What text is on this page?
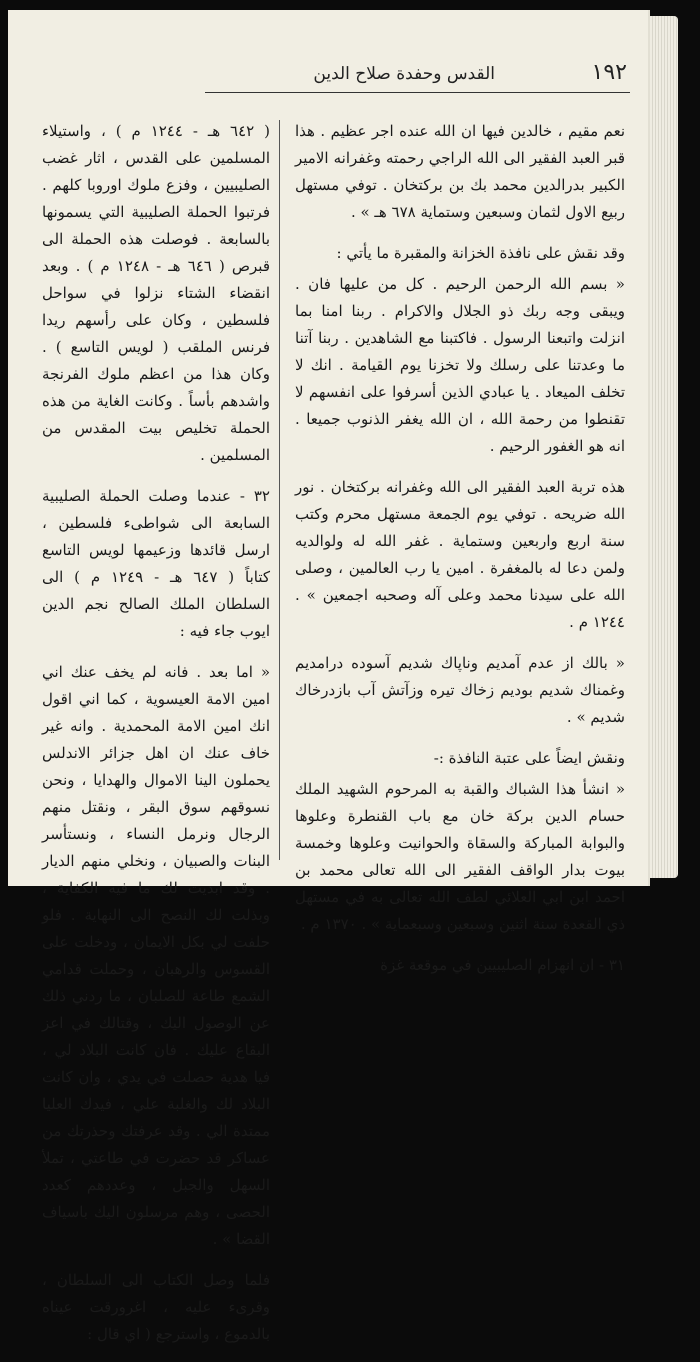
١٩٢
القدس وحفدة صلاح الدين

نعم مقيم ، خالدين فيها ان الله عنده اجر عظيم . هذا قبر العبد الفقير الى الله الراجي رحمته وغفرانه الامير الكبير بدرالدين محمد بك بن بركتخان . توفي مستهل ربيع الاول لثمان وسبعين وستماية ٦٧٨ هـ » .

وقد نقش على نافذة الخزانة والمقبرة ما يأتي :

« بسم الله الرحمن الرحيم . كل من عليها فان . ويبقى وجه ربك ذو الجلال والاكرام . ربنا امنا بما انزلت واتبعنا الرسول . فاكتبنا مع الشاهدين . ربنا آتنا ما وعدتنا على رسلك ولا تخزنا يوم القيامة . انك لا تخلف الميعاد . يا عبادي الذين أسرفوا على انفسهم لا تقنطوا من رحمة الله ، ان الله يغفر الذنوب جميعا . انه هو الغفور الرحيم .

هذه تربة العبد الفقير الى الله وغفرانه بركتخان . نور الله ضريحه . توفي يوم الجمعة مستهل محرم وكتب سنة اربع واربعين وستماية . غفر الله له ولوالديه ولمن دعا له بالمغفرة . امين يا رب العالمين ، وصلى الله على سيدنا محمد وعلى آله وصحبه اجمعين » . ١٢٤٤ م .

« بالك از عدم آمديم وناپاك شديم آسوده درامديم وغمناك شديم بوديم زخاك تيره وزآتش آب بازدرخاك شديم » .

ونقش ايضاً على عتبة النافذة :-

« انشأ هذا الشباك والقبة به المرحوم الشهيد الملك حسام الدين بركة خان مع باب القنطرة وعلوها والبوابة المباركة والسقاة والحوانيت وعلوها وخمسة بيوت بدار الواقف الفقير الى الله تعالى محمد بن احمد ابن ابي العلائي لطف الله تعالى به في مستهل ذي القعدة سنة اثنين وسبعين وسبعماية » . ١٣٧٠ م .

٣١ - ان انهزام الصليبيين في موقعة غزة

( ٦٤٢ هـ - ١٢٤٤ م ) ، واستيلاء المسلمين على القدس ، اثار غضب الصليبيين ، وفزع ملوك اوروبا كلهم . فرتبوا الحملة الصليبية التي يسمونها بالسابعة . فوصلت هذه الحملة الى قبرص ( ٦٤٦ هـ - ١٢٤٨ م ) . وبعد انقضاء الشتاء نزلوا في سواحل فلسطين ، وكان على رأسهم ريدا فرنس الملقب ( لويس التاسع ) . وكان هذا من اعظم ملوك الفرنجة واشدهم بأساً . وكانت الغاية من هذه الحملة تخليص بيت المقدس من المسلمين .

٣٢ - عندما وصلت الحملة الصليبية السابعة الى شواطىء فلسطين ، ارسل قائدها وزعيمها لويس التاسع كتاباً ( ٦٤٧ هـ - ١٢٤٩ م ) الى السلطان الملك الصالح نجم الدين ايوب جاء فيه :

« اما بعد . فانه لم يخف عنك اني امين الامة العيسوية ، كما اني اقول انك امين الامة المحمدية . وانه غير خاف عنك ان اهل جزائر الاندلس يحملون الينا الاموال والهدايا ، ونحن نسوقهم سوق البقر ، ونقتل منهم الرجال ونرمل النساء ، ونستأسر البنات والصبيان ، ونخلي منهم الديار . وقد ابديت لك ما فيه الكفاية ، وبذلت لك النصح الى النهاية . فلو حلفت لي بكل الايمان ، ودخلت على القسوس والرهبان ، وحملت قدامي الشمع طاعة للصلبان ، ما ردني ذلك عن الوصول اليك ، وقتالك في اعز البقاع عليك . فان كانت البلاد لي ، فيا هدية حصلت في يدي ، وان كانت البلاد لك والغلبة علي ، فيدك العليا ممتدة الي . وقد عرفتك وحذرتك من عساكر قد حضرت في طاعتي ، تملأ السهل والجبل ، وعددهم كعدد الحصى ، وهم مرسلون اليك باسياف القضا » .

فلما وصل الكتاب الى السلطان ، وقرىء عليه ، اغرورقت عيناه بالدموع ، واسترجع ( اي قال :
